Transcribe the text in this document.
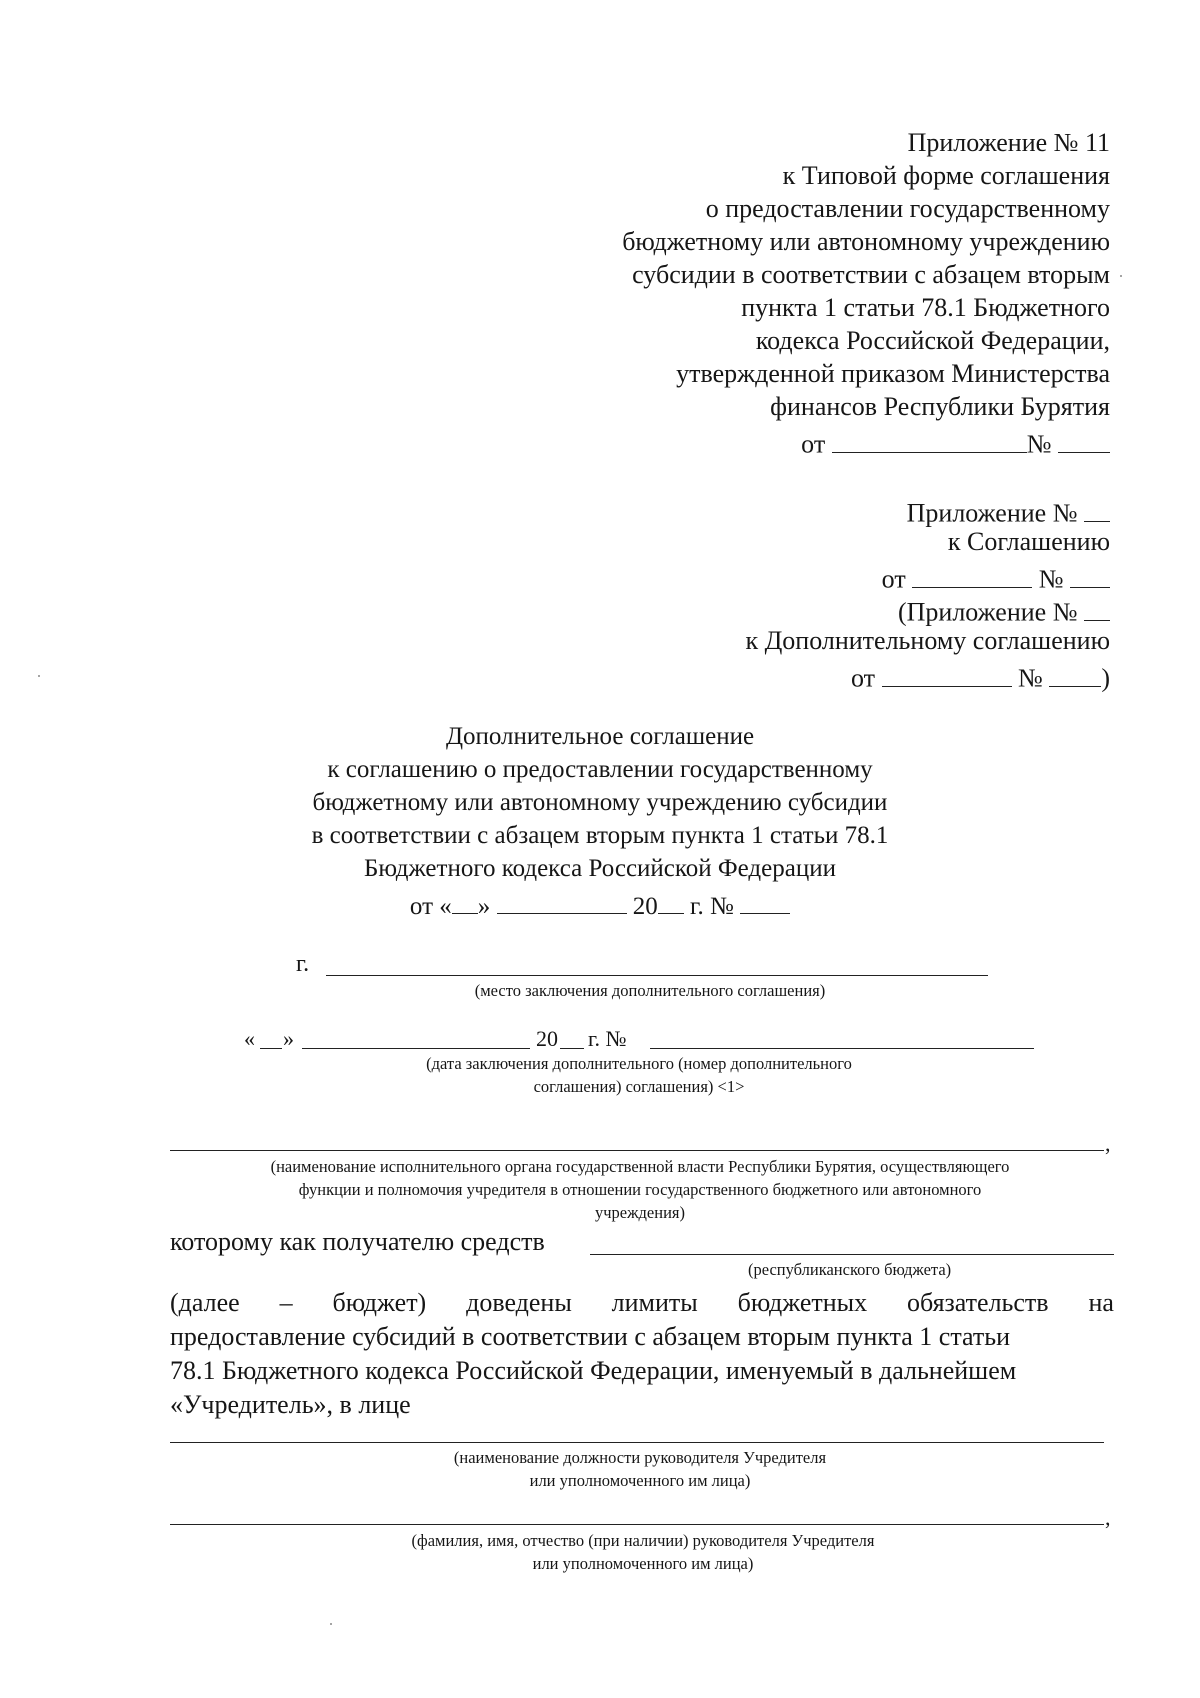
Приложение № 11
к Типовой форме соглашения
о предоставлении государственному
бюджетному или автономному учреждению
субсидии в соответствии с абзацем вторым
пункта 1 статьи 78.1 Бюджетного
кодекса Российской Федерации,
утвержденной приказом Министерства
финансов Республики Бурятия
от	№
Приложение №
к Соглашению
от	№
(Приложение №
к Дополнительному соглашению
от	№ )
Дополнительное соглашение
к соглашению о предоставлении государственному
бюджетному или автономному учреждению субсидии
в соответствии с абзацем вторым пункта 1 статьи 78.1
Бюджетного кодекса Российской Федерации
от « »	20 г. №
г.
(место заключения дополнительного соглашения)
« »	20 г. №
(дата заключения дополнительного (номер дополнительного
соглашения) соглашения) <1>
,
(наименование исполнительного органа государственной власти Республики Бурятия, осуществляющего
функции и полномочия учредителя в отношении государственного бюджетного или автономного
учреждения)
которому как получателю средств
(республиканского бюджета)
(далее – бюджет) доведены лимиты бюджетных обязательств на
предоставление субсидий в соответствии с абзацем вторым пункта 1 статьи
78.1 Бюджетного кодекса Российской Федерации, именуемый в дальнейшем
«Учредитель», в лице
(наименование должности руководителя Учредителя
или уполномоченного им лица)
,
(фамилия, имя, отчество (при наличии) руководителя Учредителя
или уполномоченного им лица)
